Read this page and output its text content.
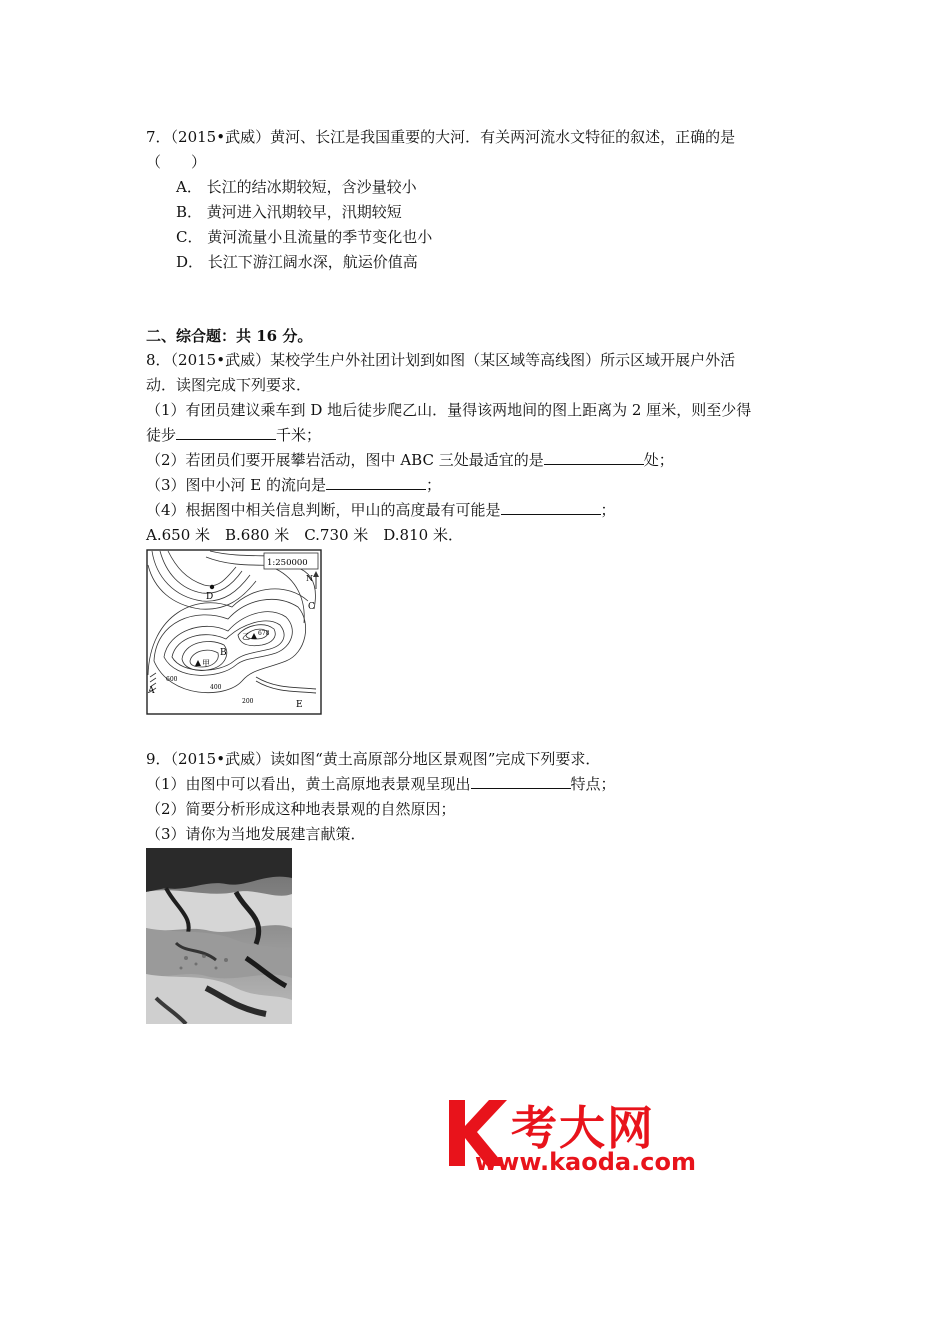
7．（2015•武威）黄河、长江是我国重要的大河．有关两河流水文特征的叙述，正确的是
（　　）
A． 长江的结冰期较短，含沙量较小
B． 黄河进入汛期较早，汛期较短
C． 黄河流量小且流量的季节变化也小
D． 长江下游江阔水深，航运价值高
二、综合题：共 16 分。
8．（2015•武威）某校学生户外社团计划到如图（某区域等高线图）所示区域开展户外活
动．读图完成下列要求．
（1）有团员建议乘车到 D 地后徒步爬乙山．量得该两地间的图上距离为 2 厘米，则至少得
徒步	千米；
（2）若团员们要开展攀岩活动，图中 ABC 三处最适宜的是	处；
（3）图中小河 E 的流向是	；
（4）根据图中相关信息判断，甲山的高度最有可能是	；
A.650 米　B.680 米　C.730 米　D.810 米．
1:250000
N
D
C
B
A
E
甲
乙 678
600
400
200
9．（2015•武威）读如图“黄土高原部分地区景观图”完成下列要求．
（1）由图中可以看出，黄土高原地表景观呈现出	特点；
（2）简要分析形成这种地表景观的自然原因；
（3）请你为当地发展建言献策．
考大网
www.kaoda.com
